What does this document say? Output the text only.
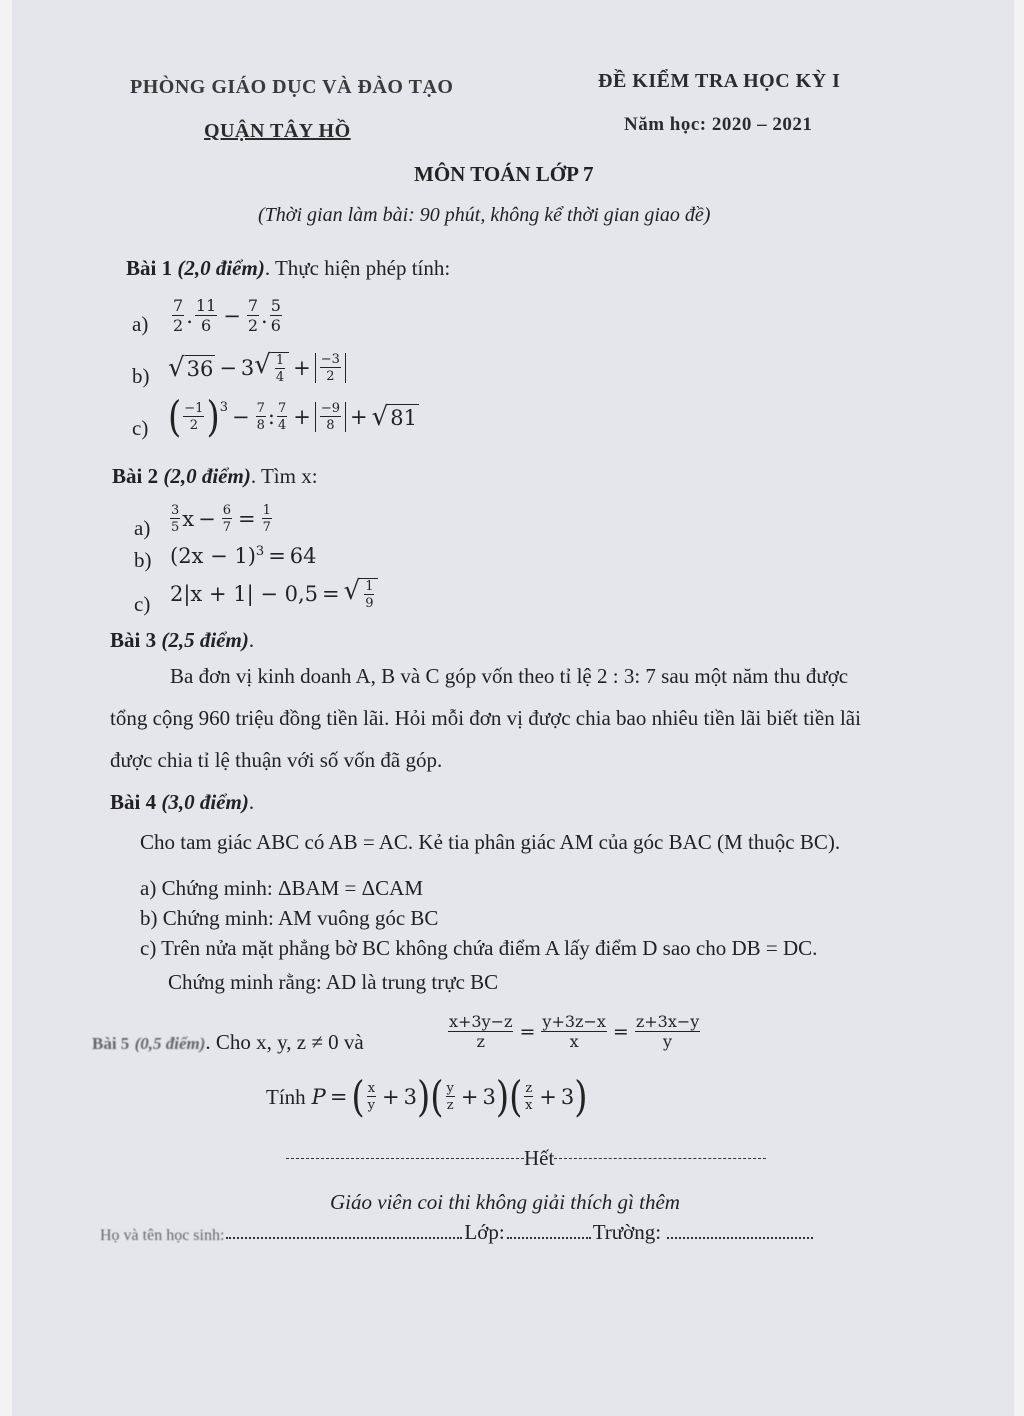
PHÒNG GIÁO DỤC VÀ ĐÀO TẠO
QUẬN TÂY HỒ
ĐỀ KIỂM TRA HỌC KỲ I
Năm học: 2020 – 2021
MÔN TOÁN LỚP 7
(Thời gian làm bài: 90 phút, không kể thời gian giao đề)
Bài 1 (2,0 điểm). Thực hiện phép tính:
$a) \frac{7}{2}$ . $\frac{11}{6} - \frac{7}{2}$ . $\frac{5}{6}$
b) √ 36 − 3 √ $\frac{1}{4} + \frac{-3}{2}$
c) ( $\frac{-1}{2} )^3 - \frac{7}{8}$ : $\frac{7}{4} + \frac{-9}{8}$ + √ 81
Bài 2 (2,0 điểm). Tìm x:
$a) \frac{3}{5}$ $x - \frac{6}{7} = \frac{1}{7}$
b) $(2x - 1)^3 = 64$
c) 2|x + 1| − 0,5 = √ $\frac{1}{9}$
Bài 3 (2,5 điểm).
Ba đơn vị kinh doanh A, B và C góp vốn theo tỉ lệ 2 : 3: 7 sau một năm thu được
tổng cộng 960 triệu đồng tiền lãi. Hỏi mỗi đơn vị được chia bao nhiêu tiền lãi biết tiền lãi
được chia tỉ lệ thuận với số vốn đã góp.
Bài 4 (3,0 điểm).
Cho tam giác ABC có AB = AC. Kẻ tia phân giác AM của góc BAC (M thuộc BC).
a) Chứng minh: ΔBAM = ΔCAM
b) Chứng minh: AM vuông góc BC
c) Trên nửa mặt phẳng bờ BC không chứa điểm A lấy điểm D sao cho DB = DC.
Chứng minh rằng: AD là trung trực BC
Bài 5 (0,5 điểm). Cho x, y, z ≠ 0 và	$\frac{x+3y-z}{z} = \frac{y+3z-x}{x} = \frac{z+3x-y}{y}$
Tính P = ( $\frac{x}{y} + 3$ ) ( $\frac{y}{z} + 3$ ) ( $\frac{z}{x} + 3$ )
Hết
Giáo viên coi thi không giải thích gì thêm
Họ và tên học sinh:	Lớp:	Trường:
